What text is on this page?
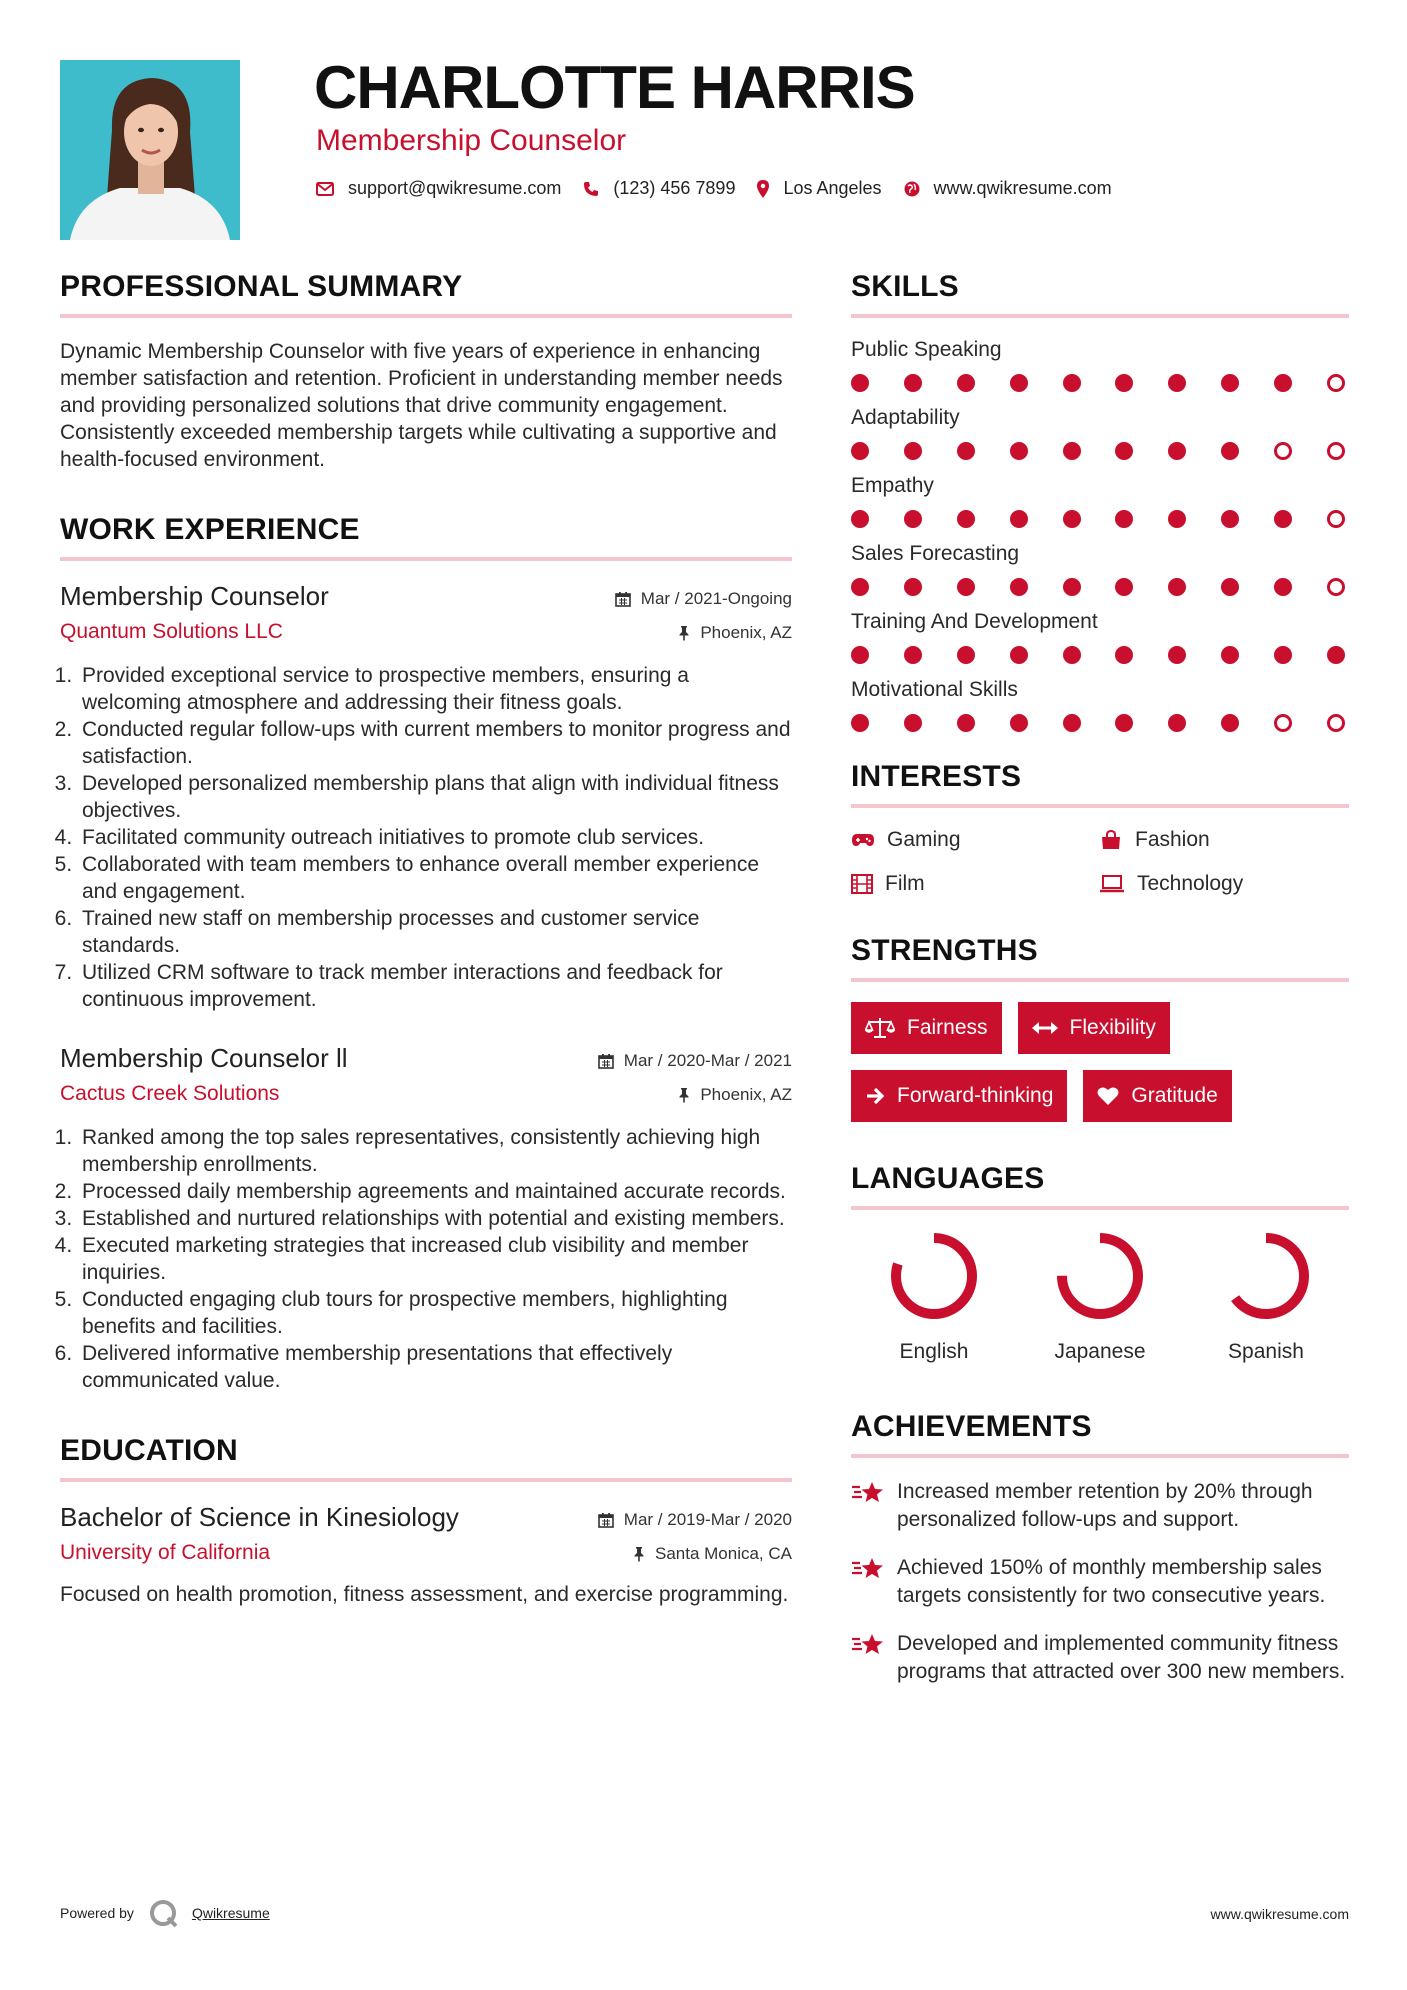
CHARLOTTE HARRIS
Membership Counselor
support@qwikresume.com	(123) 456 7899	Los Angeles	www.qwikresume.com
PROFESSIONAL SUMMARY

Dynamic Membership Counselor with five years of experience in enhancing member satisfaction and retention. Proficient in understanding member needs and providing personalized solutions that drive community engagement. Consistently exceeded membership targets while cultivating a supportive and health-focused environment.

WORK EXPERIENCE
Membership Counselor
Quantum Solutions LLC
Mar / 2021-Ongoing
Phoenix, AZ
1. Provided exceptional service to prospective members, ensuring a welcoming atmosphere and addressing their fitness goals.
2. Conducted regular follow-ups with current members to monitor progress and satisfaction.
3. Developed personalized membership plans that align with individual fitness objectives.
4. Facilitated community outreach initiatives to promote club services.
5. Collaborated with team members to enhance overall member experience and engagement.
6. Trained new staff on membership processes and customer service standards.
7. Utilized CRM software to track member interactions and feedback for continuous improvement.
Membership Counselor ll
Cactus Creek Solutions
Mar / 2020-Mar / 2021
Phoenix, AZ
1. Ranked among the top sales representatives, consistently achieving high membership enrollments.
2. Processed daily membership agreements and maintained accurate records.
3. Established and nurtured relationships with potential and existing members.
4. Executed marketing strategies that increased club visibility and member inquiries.
5. Conducted engaging club tours for prospective members, highlighting benefits and facilities.
6. Delivered informative membership presentations that effectively communicated value.
EDUCATION
Bachelor of Science in Kinesiology
University of California
Mar / 2019-Mar / 2020
Santa Monica, CA

Focused on health promotion, fitness assessment, and exercise programming.

SKILLS
Public Speaking
Adaptability
Empathy
Sales Forecasting
Training And Development
Motivational Skills
INTERESTS
Gaming	Fashion
Film	Technology
STRENGTHS
Fairness	Flexibility
Forward-thinking	Gratitude
LANGUAGES
English	Japanese	Spanish
ACHIEVEMENTS
Increased member retention by 20% through personalized follow-ups and support.
Achieved 150% of monthly membership sales targets consistently for two consecutive years.
Developed and implemented community fitness programs that attracted over 300 new members.
Powered by	Qwikresume	www.qwikresume.com
